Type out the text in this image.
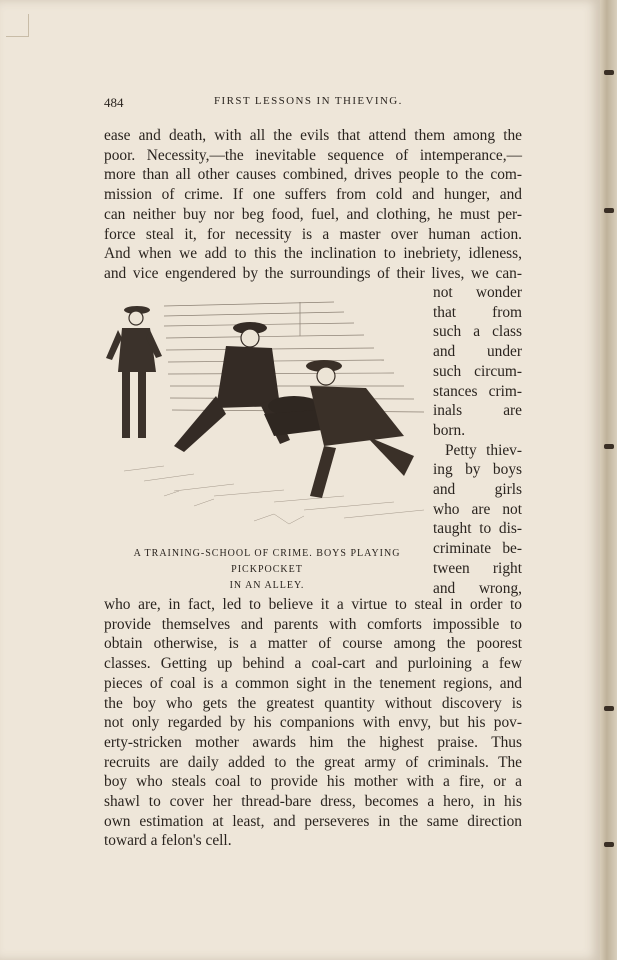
484	FIRST LESSONS IN THIEVING.

ease and death, with all the evils that attend them among the

poor. Necessity,—the inevitable sequence of intemperance,—

more than all other causes combined, drives people to the com-

mission of crime. If one suffers from cold and hunger, and

can neither buy nor beg food, fuel, and clothing, he must per-

force steal it, for necessity is a master over human action.

And when we add to this the inclination to inebriety, idleness,

and vice engendered by the surroundings of their lives, we can-

not wonder

that from

such a class

and under

such circum-

stances crim-

inals are

born.

Petty thiev-

ing by boys

and girls

who are not

taught to dis-

criminate be-

tween right

and wrong,

A TRAINING-SCHOOL OF CRIME. BOYS PLAYING PICKPOCKET
IN AN ALLEY.

who are, in fact, led to believe it a virtue to steal in order to

provide themselves and parents with comforts impossible to

obtain otherwise, is a matter of course among the poorest

classes. Getting up behind a coal-cart and purloining a few

pieces of coal is a common sight in the tenement regions, and

the boy who gets the greatest quantity without discovery is

not only regarded by his companions with envy, but his pov-

erty-stricken mother awards him the highest praise. Thus

recruits are daily added to the great army of criminals. The

boy who steals coal to provide his mother with a fire, or a

shawl to cover her thread-bare dress, becomes a hero, in his

own estimation at least, and perseveres in the same direction

toward a felon's cell.
